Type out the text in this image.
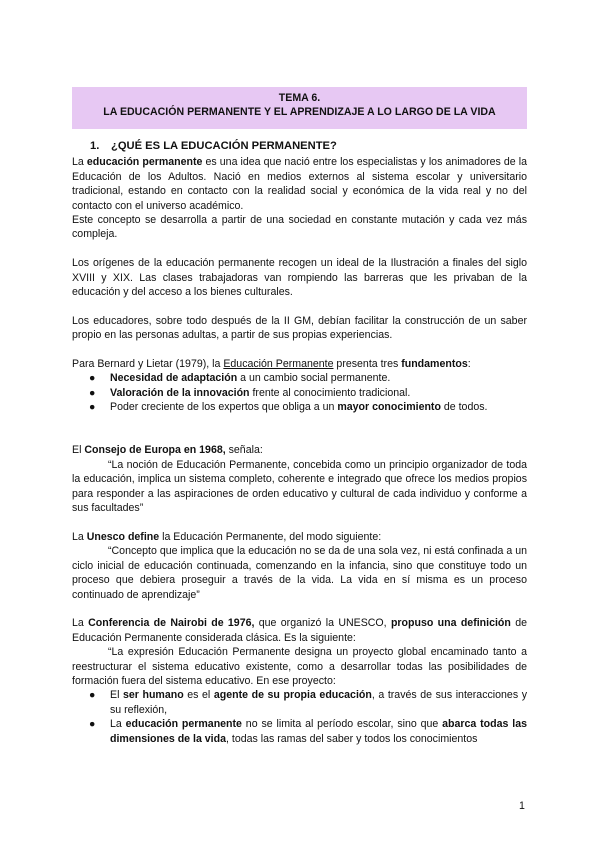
TEMA 6.
LA EDUCACIÓN PERMANENTE Y EL APRENDIZAJE A LO LARGO DE LA VIDA
1. ¿QUÉ ES LA EDUCACIÓN PERMANENTE?

La educación permanente es una idea que nació entre los especialistas y los animadores de la Educación de los Adultos. Nació en medios externos al sistema escolar y universitario tradicional, estando en contacto con la realidad social y económica de la vida real y no del contacto con el universo académico.

Este concepto se desarrolla a partir de una sociedad en constante mutación y cada vez más compleja.

Los orígenes de la educación permanente recogen un ideal de la Ilustración a finales del siglo XVIII y XIX. Las clases trabajadoras van rompiendo las barreras que les privaban de la educación y del acceso a los bienes culturales.

Los educadores, sobre todo después de la II GM, debían facilitar la construcción de un saber propio en las personas adultas, a partir de sus propias experiencias.

Para Bernard y Lietar (1979), la Educación Permanente presenta tres fundamentos:

● Necesidad de adaptación a un cambio social permanente.
● Valoración de la innovación frente al conocimiento tradicional.
● Poder creciente de los expertos que obliga a un mayor conocimiento de todos.

El Consejo de Europa en 1968, señala:

“La noción de Educación Permanente, concebida como un principio organizador de toda la educación, implica un sistema completo, coherente e integrado que ofrece los medios propios para responder a las aspiraciones de orden educativo y cultural de cada individuo y conforme a sus facultades”

La Unesco define la Educación Permanente, del modo siguiente:

“Concepto que implica que la educación no se da de una sola vez, ni está confinada a un ciclo inicial de educación continuada, comenzando en la infancia, sino que constituye todo un proceso que debiera proseguir a través de la vida. La vida en sí misma es un proceso continuado de aprendizaje”

La Conferencia de Nairobi de 1976, que organizó la UNESCO, propuso una definición de Educación Permanente considerada clásica. Es la siguiente:

“La expresión Educación Permanente designa un proyecto global encaminado tanto a reestructurar el sistema educativo existente, como a desarrollar todas las posibilidades de formación fuera del sistema educativo. En ese proyecto:

● El ser humano es el agente de su propia educación, a través de sus interacciones y su reflexión,
● La educación permanente no se limita al período escolar, sino que abarca todas las dimensiones de la vida, todas las ramas del saber y todos los conocimientos
1
